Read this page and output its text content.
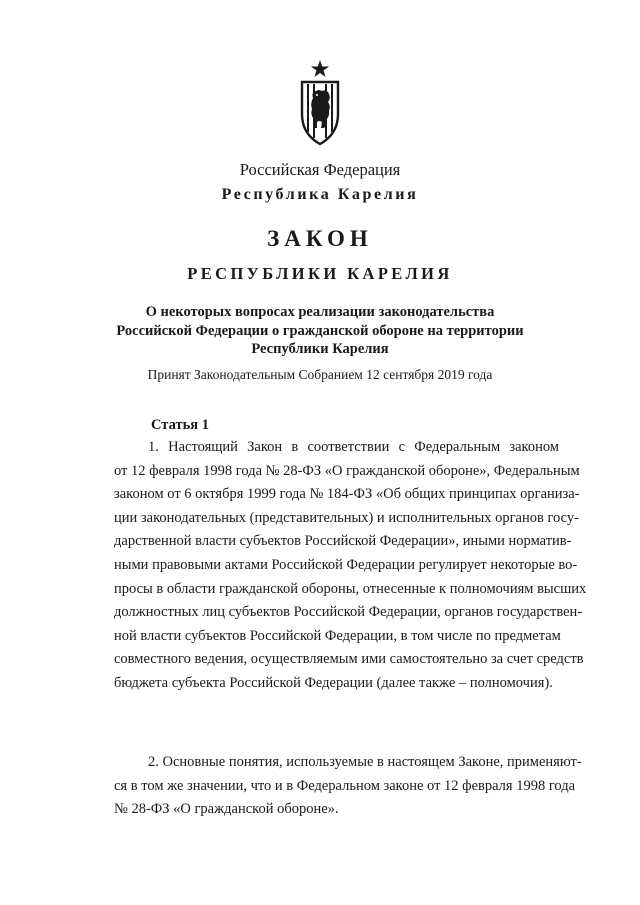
Российская Федерация

Республика Карелия

ЗАКОН

РЕСПУБЛИКИ КАРЕЛИЯ

О некоторых вопросах реализации законодательства
Российской Федерации о гражданской обороне на территории
Республики Карелия

Принят Законодательным Собранием 12 сентября 2019 года

Статья 1

1. Настоящий Закон в соответствии с Федеральным законом
от 12 февраля 1998 года № 28-ФЗ «О гражданской обороне», Федеральным
законом от 6 октября 1999 года № 184-ФЗ «Об общих принципах организа-
ции законодательных (представительных) и исполнительных органов госу-
дарственной власти субъектов Российской Федерации», иными норматив-
ными правовыми актами Российской Федерации регулирует некоторые во-
просы в области гражданской обороны, отнесенные к полномочиям высших
должностных лиц субъектов Российской Федерации, органов государствен-
ной власти субъектов Российской Федерации, в том числе по предметам
совместного ведения, осуществляемым ими самостоятельно за счет средств
бюджета субъекта Российской Федерации (далее также – полномочия).
2. Основные понятия, используемые в настоящем Законе, применяют-
ся в том же значении, что и в Федеральном законе от 12 февраля 1998 года
№ 28-ФЗ «О гражданской обороне».
